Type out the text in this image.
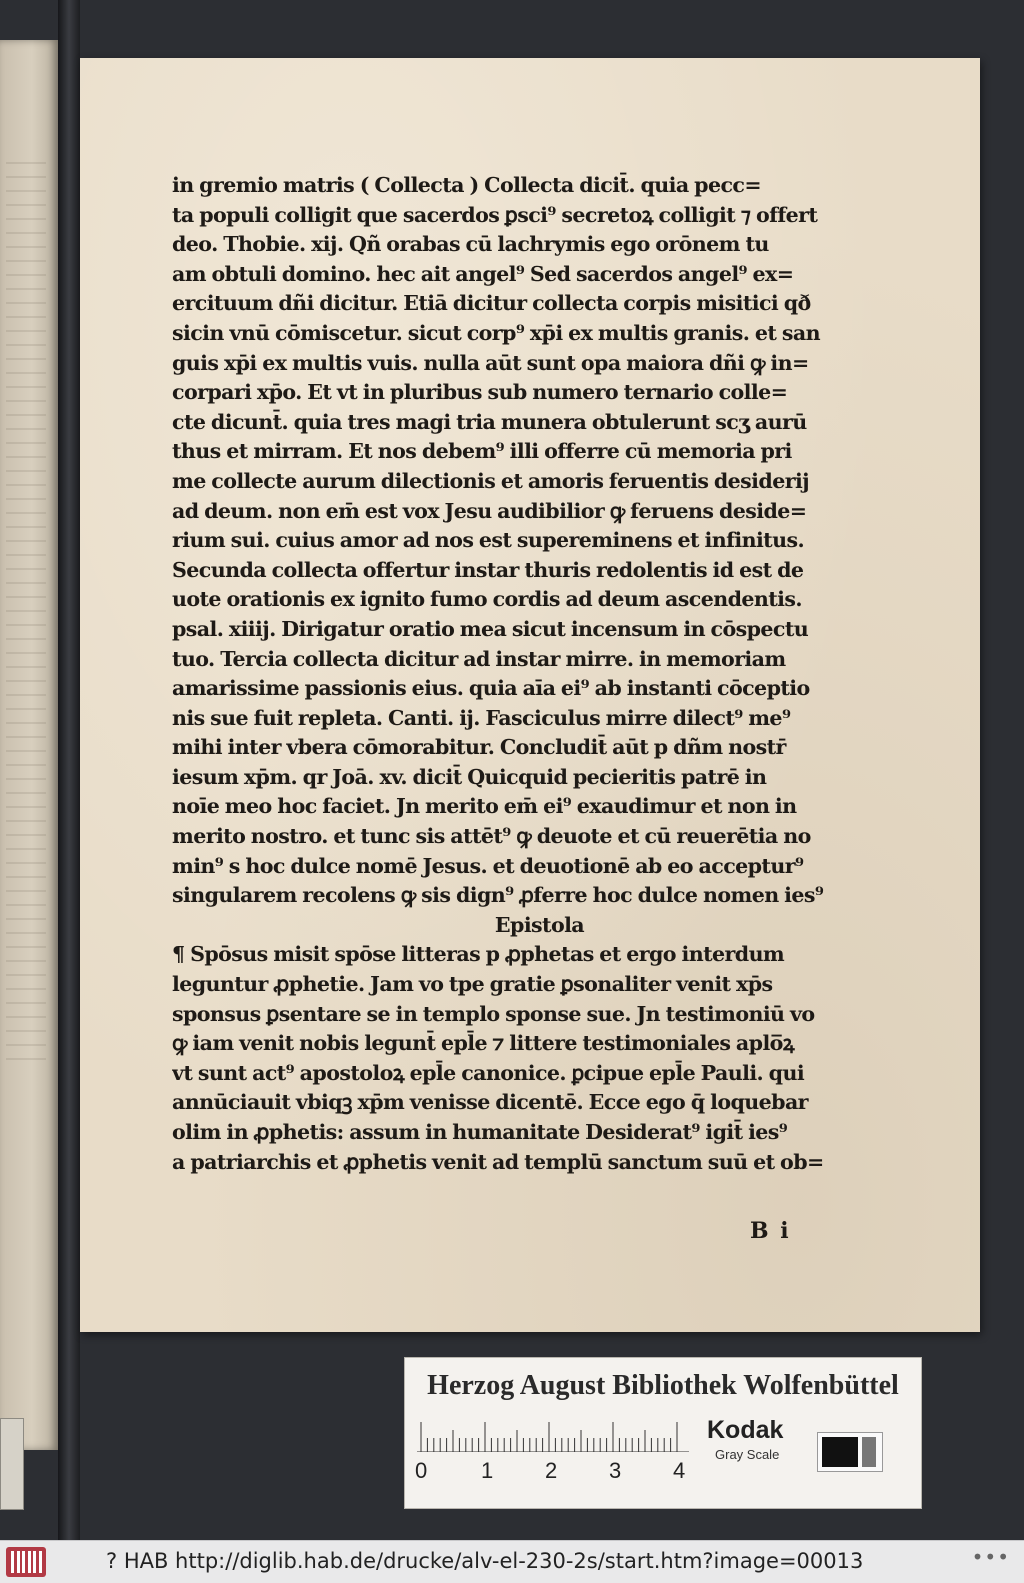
in gremio matris ( Collecta ) Collecta dicit̄. quia pecc=
ta populi colligit que sacerdos ꝑsci⁹ secretoꝝ colligit ⁊ offert
deo. Thobie. xij. Qñ orabas cū lachrymis ego orōnem tu
am obtuli domino. hec ait angel⁹ Sed sacerdos angel⁹ ex=
ercituum dñi dicitur. Etiā dicitur collecta corpis misitici qð
sicin vnū cōmiscetur. sicut corp⁹ xp̄i ex multis granis. et san
guis xp̄i ex multis vuis. nulla aūt sunt opa maiora dñi ꝙ in=
corpari xp̄o. Et vt in pluribus sub numero ternario colle=
cte dicunt̄. quia tres magi tria munera obtulerunt scʒ aurū
thus et mirram. Et nos debem⁹ illi offerre cū memoria pri
me collecte aurum dilectionis et amoris feruentis desiderij
ad deum. non em̄ est vox Jesu audibilior ꝙ feruens deside=
rium sui. cuius amor ad nos est supereminens et infinitus.
Secunda collecta offertur instar thuris redolentis id est de
uote orationis ex ignito fumo cordis ad deum ascendentis.
psal. xiiij. Dirigatur oratio mea sicut incensum in cōspectu
tuo. Tercia collecta dicitur ad instar mirre. in memoriam
amarissime passionis eius. quia aīa ei⁹ ab instanti cōceptio
nis sue fuit repleta. Canti. ij. Fasciculus mirre dilect⁹ me⁹
mihi inter vbera cōmorabitur. Concludit̄ aūt p dñm nostr̄
iesum xp̄m. qr Joā. xv. dicit̄ Quicquid pecieritis patrē in
noīe meo hoc faciet. Jn merito em̄ ei⁹ exaudimur et non in
merito nostro. et tunc sis attēt⁹ ꝙ deuote et cū reuerētia no
min⁹ s hoc dulce nomē Jesus. et deuotionē ab eo acceptur⁹
singularem recolens ꝙ sis dign⁹ ꝓferre hoc dulce nomen ies⁹
Epistola
¶ Spōsus misit spōse litteras p ꝓphetas et ergo interdum
leguntur ꝓphetie. Jam vo tpe gratie ꝑsonaliter venit xp̄s
sponsus ꝑsentare se in templo sponse sue. Jn testimoniū vo
ꝙ iam venit nobis legunt̄ epl̄e ⁊ littere testimoniales aplo̅ꝝ
vt sunt act⁹ apostoloꝝ epl̄e canonice. ꝑcipue epl̄e Pauli. qui
annūciauit vbiqꝫ xp̄m venisse dicentē. Ecce ego q̄ loquebar
olim in ꝓphetis: assum in humanitate Desiderat⁹ igit̄ ies⁹
a patriarchis et ꝓphetis venit ad templū sanctum suū et ob=
B i
Herzog August Bibliothek Wolfenbüttel
0 1 2 3 4
Kodak
Gray Scale
? HAB http://diglib.hab.de/drucke/alv-el-230-2s/start.htm?image=00013	•••
